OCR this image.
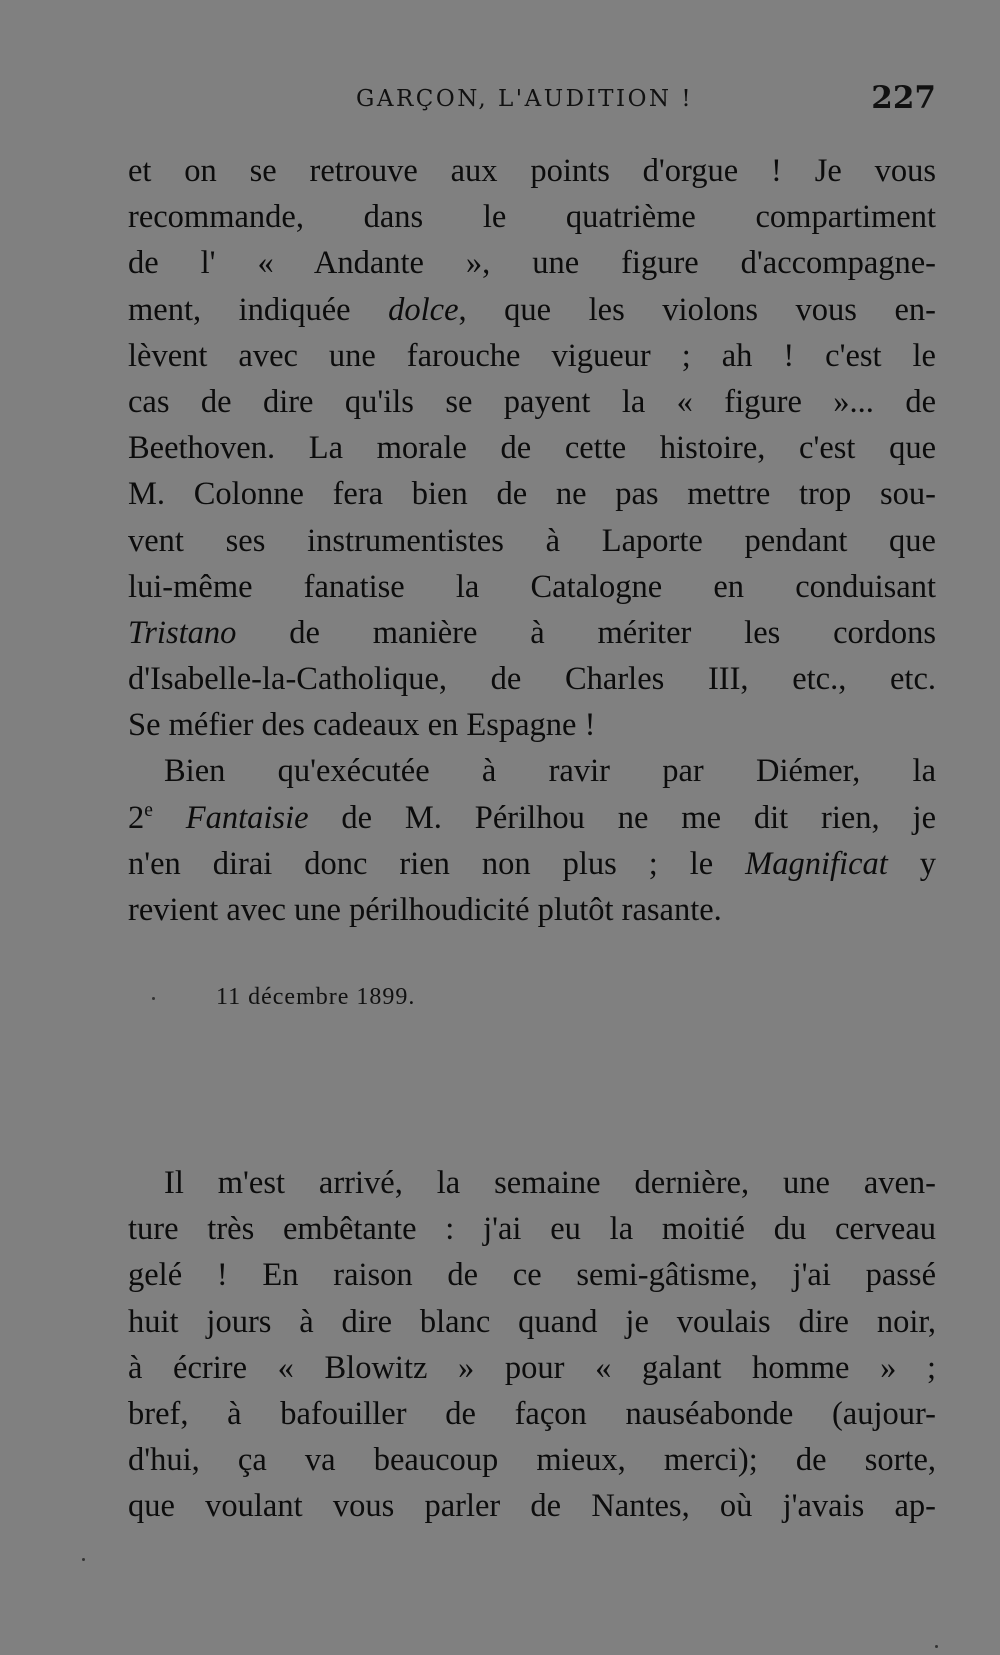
GARÇON, L'AUDITION !	227
et on se retrouve aux points d'orgue ! Je vous
recommande, dans le quatrième compartiment
de l' « Andante », une figure d'accompagne-
ment, indiquée dolce, que les violons vous en-
lèvent avec une farouche vigueur ; ah ! c'est le
cas de dire qu'ils se payent la « figure »... de
Beethoven. La morale de cette histoire, c'est que
M. Colonne fera bien de ne pas mettre trop sou-
vent ses instrumentistes à Laporte pendant que
lui-même fanatise la Catalogne en conduisant
Tristano de manière à mériter les cordons
d'Isabelle-la-Catholique, de Charles III, etc., etc.
Se méfier des cadeaux en Espagne !
Bien qu'exécutée à ravir par Diémer, la
2e Fantaisie de M. Périlhou ne me dit rien, je
n'en dirai donc rien non plus ; le Magnificat y
revient avec une périlhoudicité plutôt rasante.
11 décembre 1899.
Il m'est arrivé, la semaine dernière, une aven-
ture très embêtante : j'ai eu la moitié du cerveau
gelé ! En raison de ce semi-gâtisme, j'ai passé
huit jours à dire blanc quand je voulais dire noir,
à écrire « Blowitz » pour « galant homme » ;
bref, à bafouiller de façon nauséabonde (aujour-
d'hui, ça va beaucoup mieux, merci); de sorte,
que voulant vous parler de Nantes, où j'avais ap-
